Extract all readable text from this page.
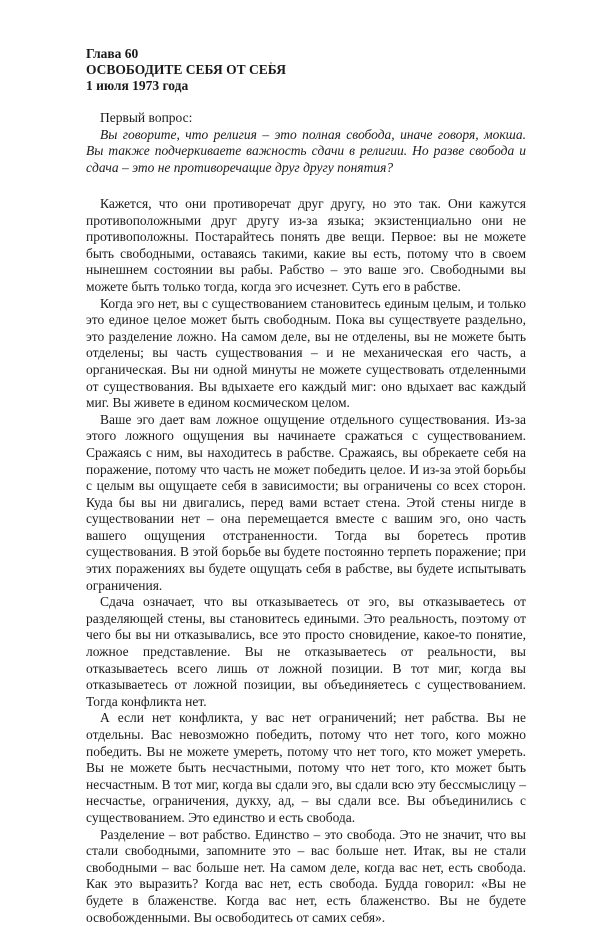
Глава 60
ОСВОБОДИТЕ СЕБЯ ОТ СЕБЯ
1 июля 1973 года
Первый вопрос:

Вы говорите, что религия – это полная свобода, иначе говоря, мокша. Вы также подчеркиваете важность сдачи в религии. Но разве свобода и сдача – это не противоречащие друг другу понятия?

Кажется, что они противоречат друг другу, но это так. Они кажутся противоположными друг другу из-за языка; экзистенциально они не противоположны. Постарайтесь понять две вещи. Первое: вы не можете быть свободными, оставаясь такими, какие вы есть, потому что в своем нынешнем состоянии вы рабы. Рабство – это ваше эго. Свободными вы можете быть только тогда, когда эго исчезнет. Суть его в рабстве.

Когда эго нет, вы с существованием становитесь единым целым, и только это единое целое может быть свободным. Пока вы существуете раздельно, это разделение ложно. На самом деле, вы не отделены, вы не можете быть отделены; вы часть существования – и не механическая его часть, а органическая. Вы ни одной минуты не можете существовать отделенными от существования. Вы вдыхаете его каждый миг: оно вдыхает вас каждый миг. Вы живете в едином космическом целом.

Ваше эго дает вам ложное ощущение отдельного существования. Из-за этого ложного ощущения вы начинаете сражаться с существованием. Сражаясь с ним, вы находитесь в рабстве. Сражаясь, вы обрекаете себя на поражение, потому что часть не может победить целое. И из-за этой борьбы с целым вы ощущаете себя в зависимости; вы ограничены со всех сторон. Куда бы вы ни двигались, перед вами встает стена. Этой стены нигде в существовании нет – она перемещается вместе с вашим эго, оно часть вашего ощущения отстраненности. Тогда вы боретесь против существования. В этой борьбе вы будете постоянно терпеть поражение; при этих поражениях вы будете ощущать себя в рабстве, вы будете испытывать ограничения.

Сдача означает, что вы отказываетесь от эго, вы отказываетесь от разделяющей стены, вы становитесь едиными. Это реальность, поэтому от чего бы вы ни отказывались, все это просто сновидение, какое-то понятие, ложное представление. Вы не отказываетесь от реальности, вы отказываетесь всего лишь от ложной позиции. В тот миг, когда вы отказываетесь от ложной позиции, вы объединяетесь с существованием. Тогда конфликта нет.

А если нет конфликта, у вас нет ограничений; нет рабства. Вы не отдельны. Вас невозможно победить, потому что нет того, кого можно победить. Вы не можете умереть, потому что нет того, кто может умереть. Вы не можете быть несчастными, потому что нет того, кто может быть несчастным. В тот миг, когда вы сдали эго, вы сдали всю эту бессмыслицу – несчастье, ограничения, дукху, ад, – вы сдали все. Вы объединились с существованием. Это единство и есть свобода.

Разделение – вот рабство. Единство – это свобода. Это не значит, что вы стали свободными, запомните это – вас больше нет. Итак, вы не стали свободными – вас больше нет. На самом деле, когда вас нет, есть свобода. Как это выразить? Когда вас нет, есть свобода. Будда говорил: «Вы не будете в блаженстве. Когда вас нет, есть блаженство. Вы не будете освобожденными. Вы освободитесь от самих себя».
